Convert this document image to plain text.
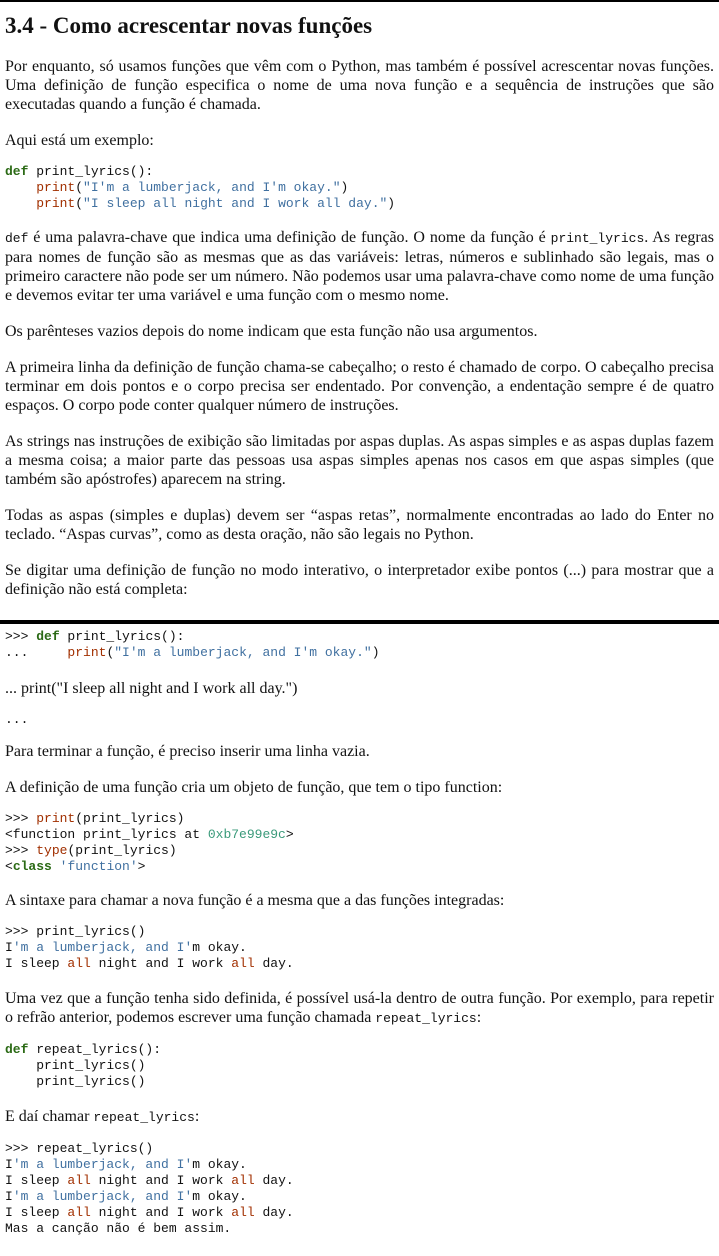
3.4 - Como acrescentar novas funções

Por enquanto, só usamos funções que vêm com o Python, mas também é possível acrescentar novas funções. Uma definição de função especifica o nome de uma nova função e a sequência de instruções que são executadas quando a função é chamada.

Aqui está um exemplo:

def print_lyrics():
print("I'm a lumberjack, and I'm okay.")
print("I sleep all night and I work all day.")

def é uma palavra-chave que indica uma definição de função. O nome da função é print_lyrics. As regras para nomes de função são as mesmas que as das variáveis: letras, números e sublinhado são legais, mas o primeiro caractere não pode ser um número. Não podemos usar uma palavra-chave como nome de uma função e devemos evitar ter uma variável e uma função com o mesmo nome.

Os parênteses vazios depois do nome indicam que esta função não usa argumentos.

A primeira linha da definição de função chama-se cabeçalho; o resto é chamado de corpo. O cabeçalho precisa terminar em dois pontos e o corpo precisa ser endentado. Por convenção, a endentação sempre é de quatro espaços. O corpo pode conter qualquer número de instruções.

As strings nas instruções de exibição são limitadas por aspas duplas. As aspas simples e as aspas duplas fazem a mesma coisa; a maior parte das pessoas usa aspas simples apenas nos casos em que aspas simples (que também são apóstrofes) aparecem na string.

Todas as aspas (simples e duplas) devem ser “aspas retas”, normalmente encontradas ao lado do Enter no teclado. “Aspas curvas”, como as desta oração, não são legais no Python.

Se digitar uma definição de função no modo interativo, o interpretador exibe pontos (...) para mostrar que a definição não está completa:

>>> def print_lyrics():
...     print("I'm a lumberjack, and I'm okay.")

... print("I sleep all night and I work all day.")

...

Para terminar a função, é preciso inserir uma linha vazia.

A definição de uma função cria um objeto de função, que tem o tipo function:

>>> print(print_lyrics)
<function print_lyrics at 0xb7e99e9c>
>>> type(print_lyrics)
<class 'function'>

A sintaxe para chamar a nova função é a mesma que a das funções integradas:

>>> print_lyrics()
I'm a lumberjack, and I'm okay.
I sleep all night and I work all day.

Uma vez que a função tenha sido definida, é possível usá-la dentro de outra função. Por exemplo, para repetir o refrão anterior, podemos escrever uma função chamada repeat_lyrics:

def repeat_lyrics():
print_lyrics()
print_lyrics()

E daí chamar repeat_lyrics:

>>> repeat_lyrics()
I'm a lumberjack, and I'm okay.
I sleep all night and I work all day.
I'm a lumberjack, and I'm okay.
I sleep all night and I work all day.
Mas a canção não é bem assim.
